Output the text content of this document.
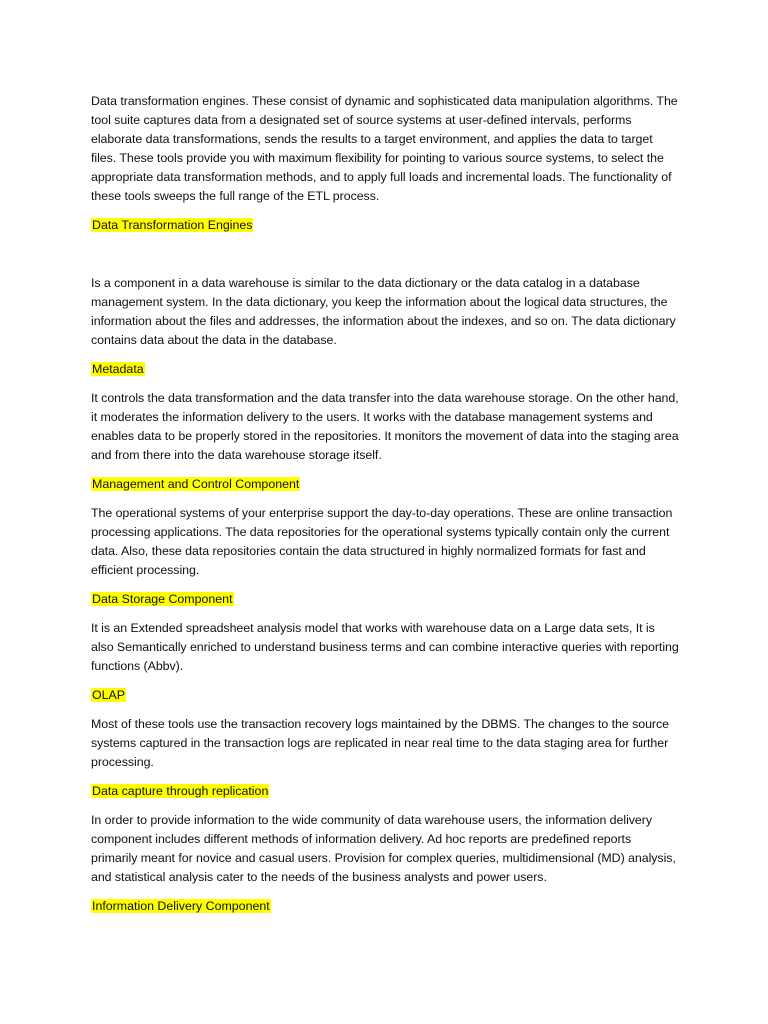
Data transformation engines. These consist of dynamic and sophisticated data manipulation algorithms. The tool suite captures data from a designated set of source systems at user-defined intervals, performs elaborate data transformations, sends the results to a target environment, and applies the data to target files. These tools provide you with maximum flexibility for pointing to various source systems, to select the appropriate data transformation methods, and to apply full loads and incremental loads. The functionality of these tools sweeps the full range of the ETL process.

Data Transformation Engines

Is a component in a data warehouse is similar to the data dictionary or the data catalog in a database management system. In the data dictionary, you keep the information about the logical data structures, the information about the files and addresses, the information about the indexes, and so on. The data dictionary contains data about the data in the database.

Metadata

It controls the data transformation and the data transfer into the data warehouse storage. On the other hand, it moderates the information delivery to the users. It works with the database management systems and enables data to be properly stored in the repositories. It monitors the movement of data into the staging area and from there into the data warehouse storage itself.

Management and Control Component

The operational systems of your enterprise support the day-to-day operations. These are online transaction processing applications. The data repositories for the operational systems typically contain only the current data. Also, these data repositories contain the data structured in highly normalized formats for fast and efficient processing.

Data Storage Component

It is an Extended spreadsheet analysis model that works with warehouse data on a Large data sets, It is also Semantically enriched to understand business terms and can combine interactive queries with reporting functions (Abbv).

OLAP

Most of these tools use the transaction recovery logs maintained by the DBMS. The changes to the source systems captured in the transaction logs are replicated in near real time to the data staging area for further processing.

Data capture through replication

In order to provide information to the wide community of data warehouse users, the information delivery component includes different methods of information delivery. Ad hoc reports are predefined reports primarily meant for novice and casual users. Provision for complex queries, multidimensional (MD) analysis, and statistical analysis cater to the needs of the business analysts and power users.

Information Delivery Component
